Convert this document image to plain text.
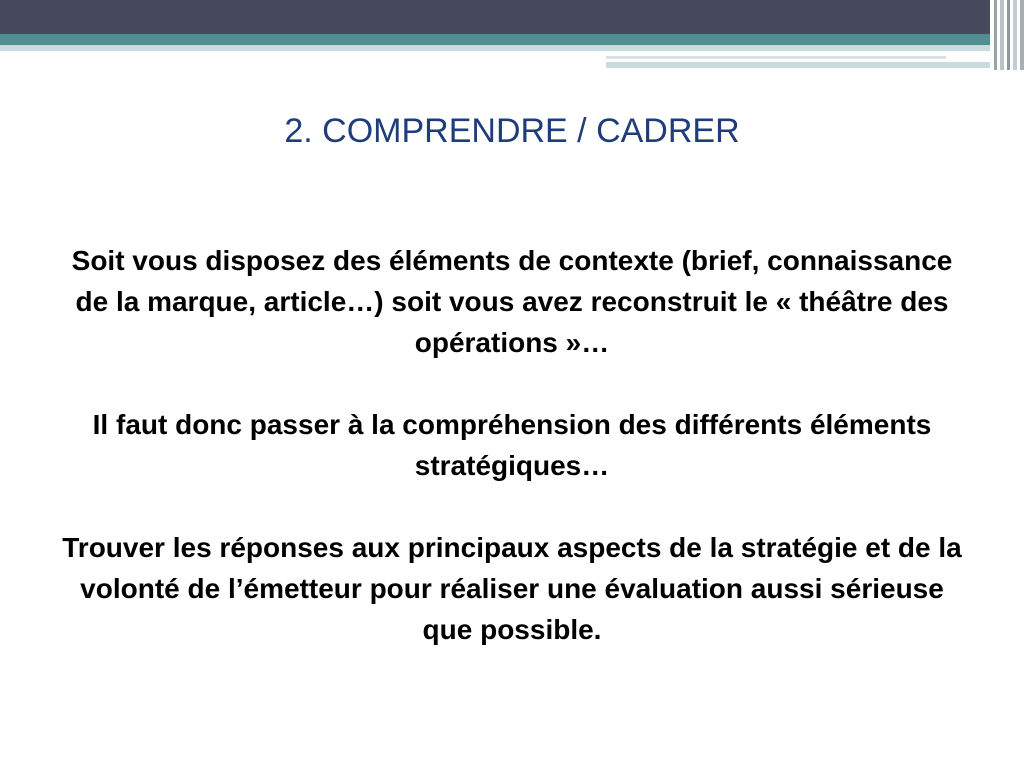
2. COMPRENDRE / CADRER

Soit vous disposez des éléments de contexte (brief, connaissance de la marque, article…) soit vous avez reconstruit le « théâtre des opérations »…

Il faut donc passer à la compréhension des différents éléments stratégiques…

Trouver les réponses aux principaux aspects de la stratégie et de la volonté de l’émetteur pour réaliser une évaluation aussi sérieuse que possible.
